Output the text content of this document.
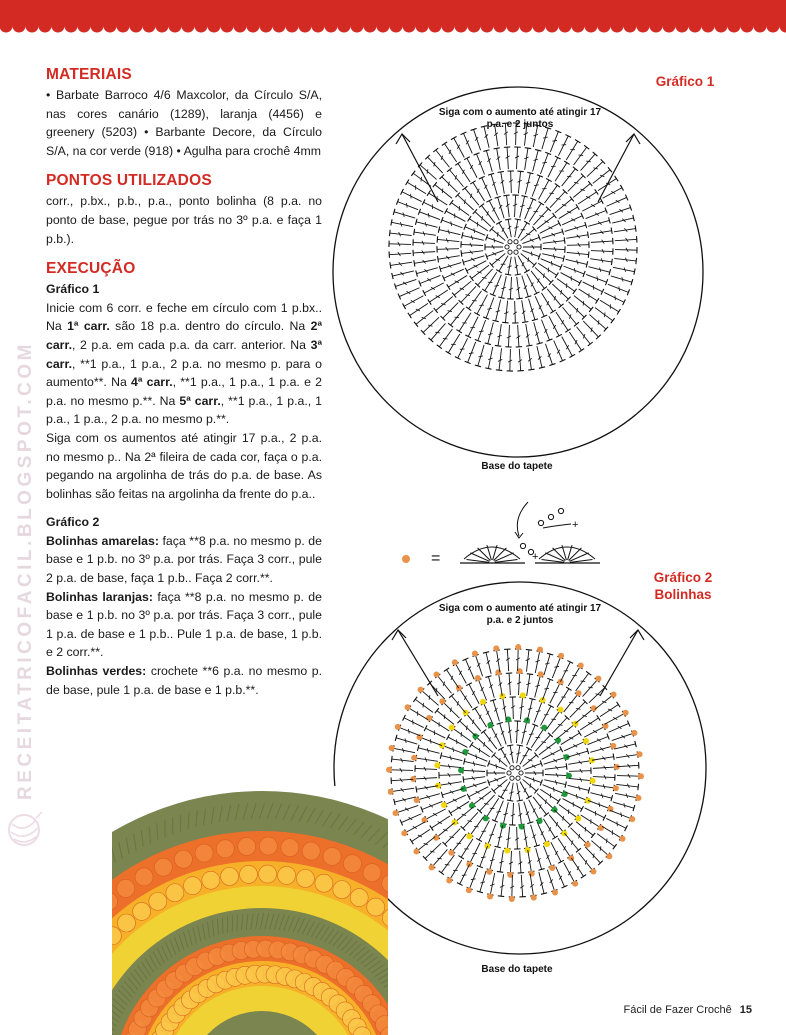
RECEITATRICOFACIL.BLOGSPOT.COM
MATERIAIS

• Barbate Barroco 4/6 Maxcolor, da Círculo S/A, nas cores canário (1289), laranja (4456) e greenery (5203) • Barbante Decore, da Círculo S/A, na cor verde (918) • Agulha para crochê 4mm

PONTOS UTILIZADOS

corr., p.bx., p.b., p.a., ponto bolinha (8 p.a. no ponto de base, pegue por trás no 3º p.a. e faça 1 p.b.).

EXECUÇÃO
Gráfico 1

Inicie com 6 corr. e feche em círculo com 1 p.bx.. Na 1ª carr. são 18 p.a. dentro do círculo. Na 2ª carr., 2 p.a. em cada p.a. da carr. anterior. Na 3ª carr., **1 p.a., 1 p.a., 2 p.a. no mesmo p. para o aumento**. Na 4ª carr., **1 p.a., 1 p.a., 1 p.a. e 2 p.a. no mesmo p.**. Na 5ª carr., **1 p.a., 1 p.a., 1 p.a., 1 p.a., 2 p.a. no mesmo p.**.

Siga com os aumentos até atingir 17 p.a., 2 p.a. no mesmo p.. Na 2ª fileira de cada cor, faça o p.a. pegando na argolinha de trás do p.a. de base. As bolinhas são feitas na argolinha da frente do p.a..

Gráfico 2

Bolinhas amarelas: faça **8 p.a. no mesmo p. de base e 1 p.b. no 3º p.a. por trás. Faça 3 corr., pule 2 p.a. de base, faça 1 p.b.. Faça 2 corr.**.

Bolinhas laranjas: faça **8 p.a. no mesmo p. de base e 1 p.b. no 3º p.a. por trás. Faça 3 corr., pule 1 p.a. de base e 1 p.b.. Pule 1 p.a. de base, 1 p.b. e 2 corr.**.

Bolinhas verdes: crochete **6 p.a. no mesmo p. de base, pule 1 p.a. de base e 1 p.b.**.

Gráfico 1
Siga com o aumento até atingir 17 p.a. e 2 juntos
Base do tapete
=	+
+
Gráfico 2
Bolinhas
Siga com o aumento até atingir 17 p.a. e 2 juntos
Base do tapete
Fácil de Fazer Crochê 15
